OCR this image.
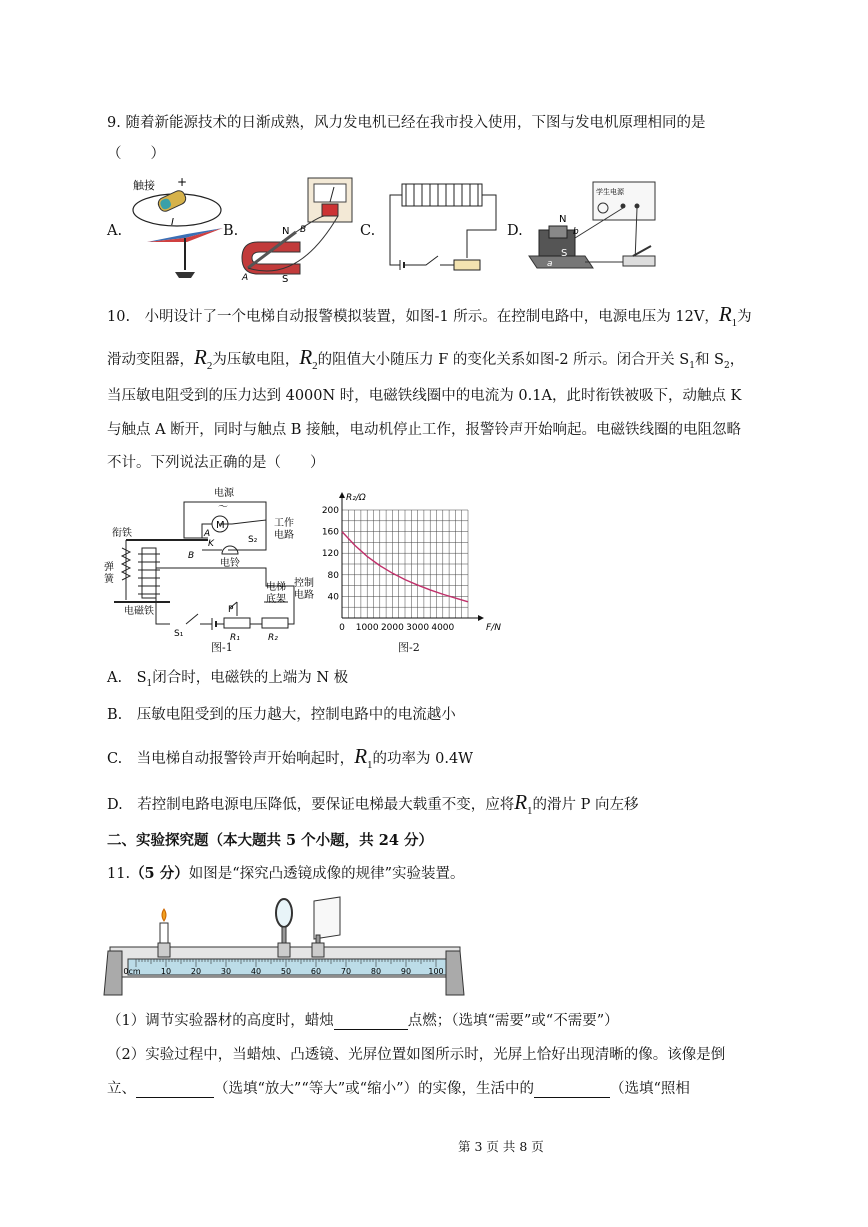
9. 随着新能源技术的日渐成熟，风力发电机已经在我市投入使用，下图与发电机原理相同的是
（　　）
A.	B.	C.	D.
触接 +
I
N
S
B
A
学生电源
N
S
b
a
10.　小明设计了一个电梯自动报警模拟装置，如图-1 所示。在控制电路中，电源电压为 12V，$R_1$为
滑动变阻器，$R_2$为压敏电阻，$R_2$的阻值大小随压力 F 的变化关系如图-2 所示。闭合开关 $S_1$和 $S_2$，
当压敏电阻受到的压力达到 4000N 时，电磁铁线圈中的电流为 0.1A，此时衔铁被吸下，动触点 K
与触点 A 断开，同时与触点 B 接触，电动机停止工作，报警铃声开始响起。电磁铁线圈的电阻忽略
不计。下列说法正确的是（　　）
电源
～
M	工作
电路
衔铁
弹
簧
电磁铁
电铃
控制
电路
电梯
底架
A
B
K
S₁
S₂
P
R₁	R₂
图-1
0 1000 2000 3000 4000
40
80
120
160
200
F/N
R₂/Ω
图-2
A.　$S_1$闭合时，电磁铁的上端为 N 极
B.　压敏电阻受到的压力越大，控制电路中的电流越小
C.　当电梯自动报警铃声开始响起时，$R_1$的功率为 0.4W
D.　若控制电路电源电压降低，要保证电梯最大载重不变，应将$R_1$的滑片 P 向左移
二、实验探究题（本大题共 5 个小题，共 24 分）
11.（5 分）如图是“探究凸透镜成像的规律”实验装置。
0cm	10 20 30 40 50 60 70 80 90 100
（1）调节实验器材的高度时，蜡烛	点燃；（选填“需要”或“不需要”）
（2）实验过程中，当蜡烛、凸透镜、光屏位置如图所示时，光屏上恰好出现清晰的像。该像是倒
立、	（选填“放大”“等大”或“缩小”）的实像，生活中的	（选填“照相
第 3 页 共 8 页
